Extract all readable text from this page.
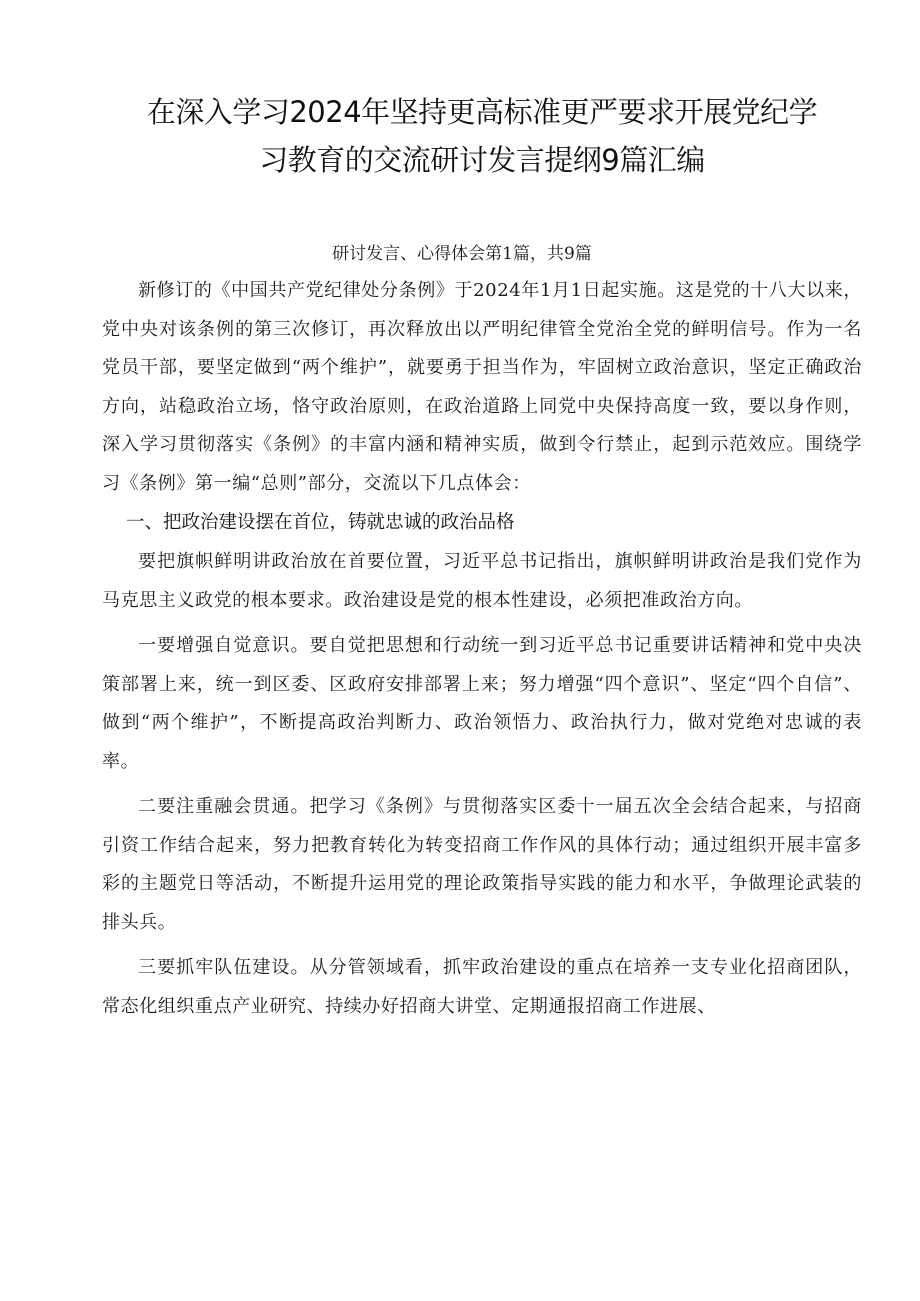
在深入学习2024年坚持更高标准更严要求开展党纪学
习教育的交流研讨发言提纲9篇汇编
研讨发言、心得体会第1篇，共9篇

新修订的《中国共产党纪律处分条例》于2024年1月1日起实施。这是党的十八大以来，党中央对该条例的第三次修订，再次释放出以严明纪律管全党治全党的鲜明信号。作为一名党员干部，要坚定做到“两个维护”，就要勇于担当作为，牢固树立政治意识，坚定正确政治方向，站稳政治立场，恪守政治原则，在政治道路上同党中央保持高度一致，要以身作则，深入学习贯彻落实《条例》的丰富内涵和精神实质，做到令行禁止，起到示范效应。围绕学习《条例》第一编“总则”部分，交流以下几点体会：

一、把政治建设摆在首位，铸就忠诚的政治品格

要把旗帜鲜明讲政治放在首要位置，习近平总书记指出，旗帜鲜明讲政治是我们党作为马克思主义政党的根本要求。政治建设是党的根本性建设，必须把准政治方向。

一要增强自觉意识。要自觉把思想和行动统一到习近平总书记重要讲话精神和党中央决策部署上来，统一到区委、区政府安排部署上来；努力增强“四个意识”、坚定“四个自信”、做到“两个维护”，不断提高政治判断力、政治领悟力、政治执行力，做对党绝对忠诚的表率。

二要注重融会贯通。把学习《条例》与贯彻落实区委十一届五次全会结合起来，与招商引资工作结合起来，努力把教育转化为转变招商工作作风的具体行动；通过组织开展丰富多彩的主题党日等活动，不断提升运用党的理论政策指导实践的能力和水平，争做理论武装的排头兵。

三要抓牢队伍建设。从分管领域看，抓牢政治建设的重点在培养一支专业化招商团队，常态化组织重点产业研究、持续办好招商大讲堂、定期通报招商工作进展、
